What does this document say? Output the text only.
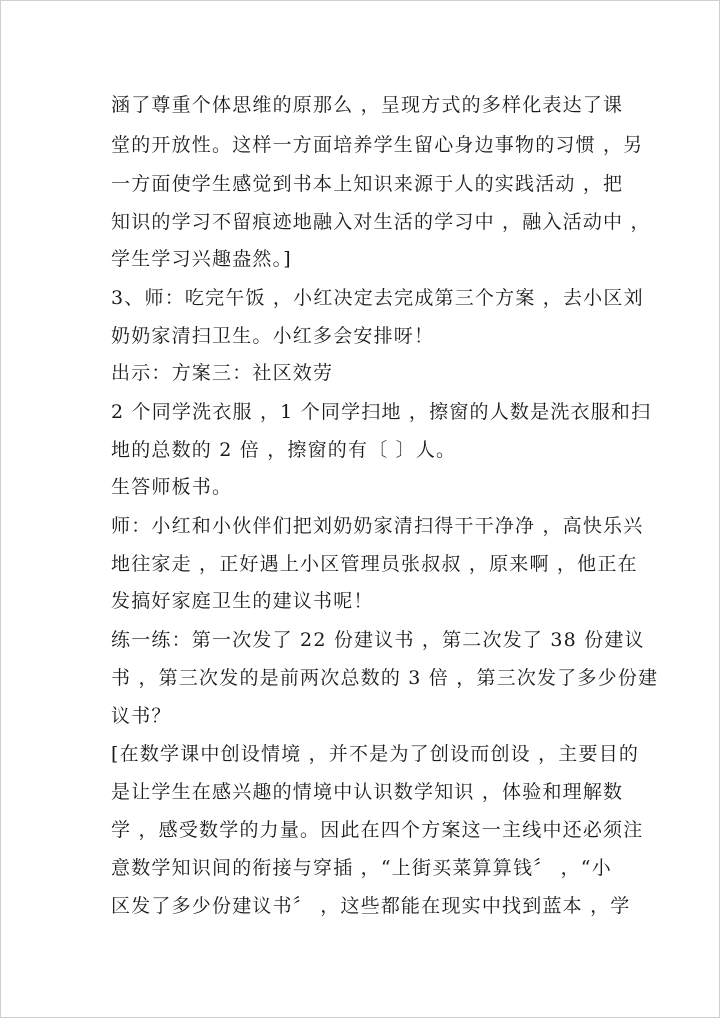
涵了尊重个体思维的原那么 ，呈现方式的多样化表达了课
堂的开放性。这样一方面培养学生留心身边事物的习惯 ，另
一方面使学生感觉到书本上知识来源于人的实践活动 ，把
知识的学习不留痕迹地融入对生活的学习中 ，融入活动中 ，
学生学习兴趣盎然。]
3、师：吃完午饭 ，小红决定去完成第三个方案 ，去小区刘
奶奶家清扫卫生。小红多会安排呀！
出示：方案三：社区效劳
2 个同学洗衣服 ，1 个同学扫地 ，擦窗的人数是洗衣服和扫
地的总数的 2 倍 ，擦窗的有〔 〕人。
生答师板书。
师：小红和小伙伴们把刘奶奶家清扫得干干净净 ，高快乐兴
地往家走 ，正好遇上小区管理员张叔叔 ，原来啊 ，他正在
发搞好家庭卫生的建议书呢！
练一练：第一次发了 22 份建议书 ，第二次发了 38 份建议
书 ，第三次发的是前两次总数的 3 倍 ，第三次发了多少份建
议书？
[在数学课中创设情境 ，并不是为了创设而创设 ，主要目的
是让学生在感兴趣的情境中认识数学知识 ，体验和理解数
学 ，感受数学的力量。因此在四个方案这一主线中还必须注
意数学知识间的衔接与穿插 ，“上街买菜算算钱〞 ，“小
区发了多少份建议书〞 ，这些都能在现实中找到蓝本 ，学
